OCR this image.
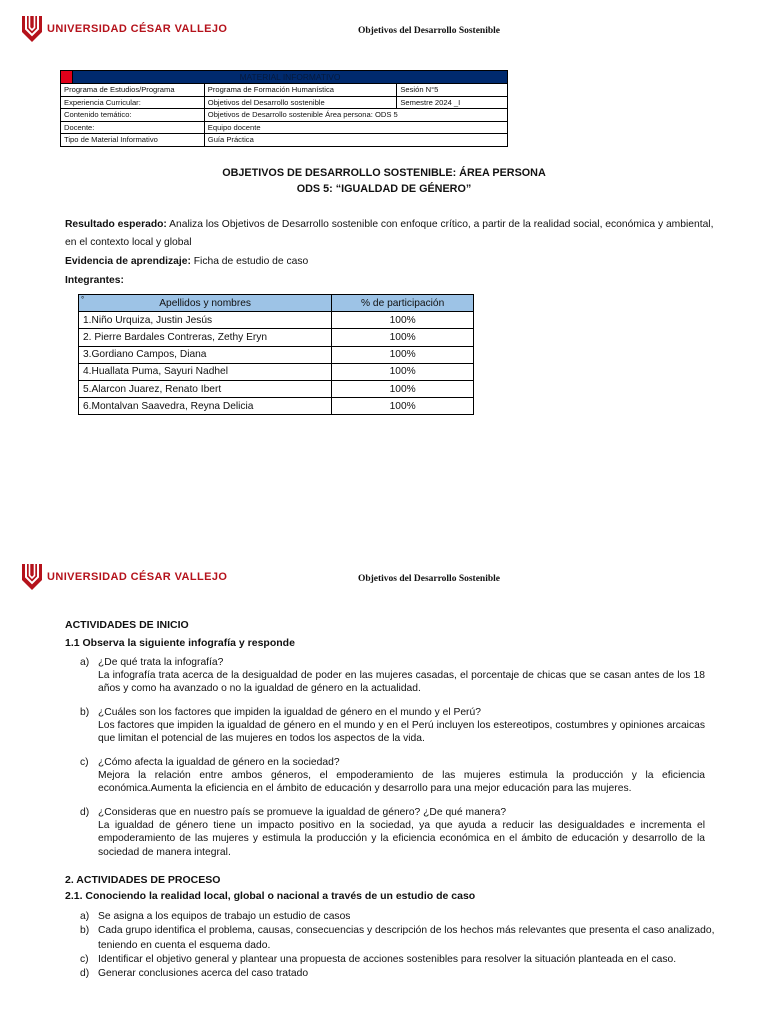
UNIVERSIDAD CÉSAR VALLEJO	Objetivos del Desarrollo Sostenible
	MATERIAL INFORMATIVO		
Programa de Estudios/Programa		Programa de Formación Humanística	Sesión N°5
Experiencia Curricular:		Objetivos del Desarrollo sostenible	Semestre 2024 _I
Contenido temático:		Objetivos de Desarrollo sostenible Área persona: ODS 5	
Docente:		Equipo docente	
Tipo de Material Informativo		Guía Práctica	
OBJETIVOS DE DESARROLLO SOSTENIBLE: ÁREA PERSONA
ODS 5: “IGUALDAD DE GÉNERO”
Resultado esperado: Analiza los Objetivos de Desarrollo sostenible con enfoque crítico, a partir de la realidad social, económica y ambiental, en el contexto local y global
Evidencia de aprendizaje: Ficha de estudio de caso
Integrantes:
° Apellidos y nombres	% de participación
1.Niño Urquiza, Justin Jesús	100%
2. Pierre Bardales Contreras, Zethy Eryn	100%
3.Gordiano Campos, Diana	100%
4.Huallata Puma, Sayuri Nadhel	100%
5.Alarcon Juarez, Renato Ibert	100%
6.Montalvan Saavedra, Reyna Delicia	100%
UNIVERSIDAD CÉSAR VALLEJO	Objetivos del Desarrollo Sostenible
ACTIVIDADES DE INICIO
1.1 Observa la siguiente infografía y responde
a) ¿De qué trata la infografía?
La infografía trata acerca de la desigualdad de poder en las mujeres casadas, el porcentaje de chicas que se casan antes de los 18 años y como ha avanzado o no la igualdad de género en la actualidad.
b) ¿Cuáles son los factores que impiden la igualdad de género en el mundo y el Perú?
Los factores que impiden la igualdad de género en el mundo y en el Perú incluyen los estereotipos, costumbres y opiniones arcaicas que limitan el potencial de las mujeres en todos los aspectos de la vida.
c) ¿Cómo afecta la igualdad de género en la sociedad?
Mejora la relación entre ambos géneros, el empoderamiento de las mujeres estimula la producción y la eficiencia económica.Aumenta la eficiencia en el ámbito de educación y desarrollo para una mejor educación para las mujeres.
d) ¿Consideras que en nuestro país se promueve la igualdad de género? ¿De qué manera?
La igualdad de género tiene un impacto positivo en la sociedad, ya que ayuda a reducir las desigualdades e incrementa el empoderamiento de las mujeres y estimula la producción y la eficiencia económica en el ámbito de educación y desarrollo de la sociedad de manera integral.
2. ACTIVIDADES DE PROCESO
2.1. Conociendo la realidad local, global o nacional a través de un estudio de caso
a) Se asigna a los equipos de trabajo un estudio de casos
b) Cada grupo identifica el problema, causas, consecuencias y descripción de los hechos más relevantes que presenta el caso analizado, teniendo en cuenta el esquema dado.
c) Identificar el objetivo general y plantear una propuesta de acciones sostenibles para resolver la situación planteada en el caso.
d) Generar conclusiones acerca del caso tratado
